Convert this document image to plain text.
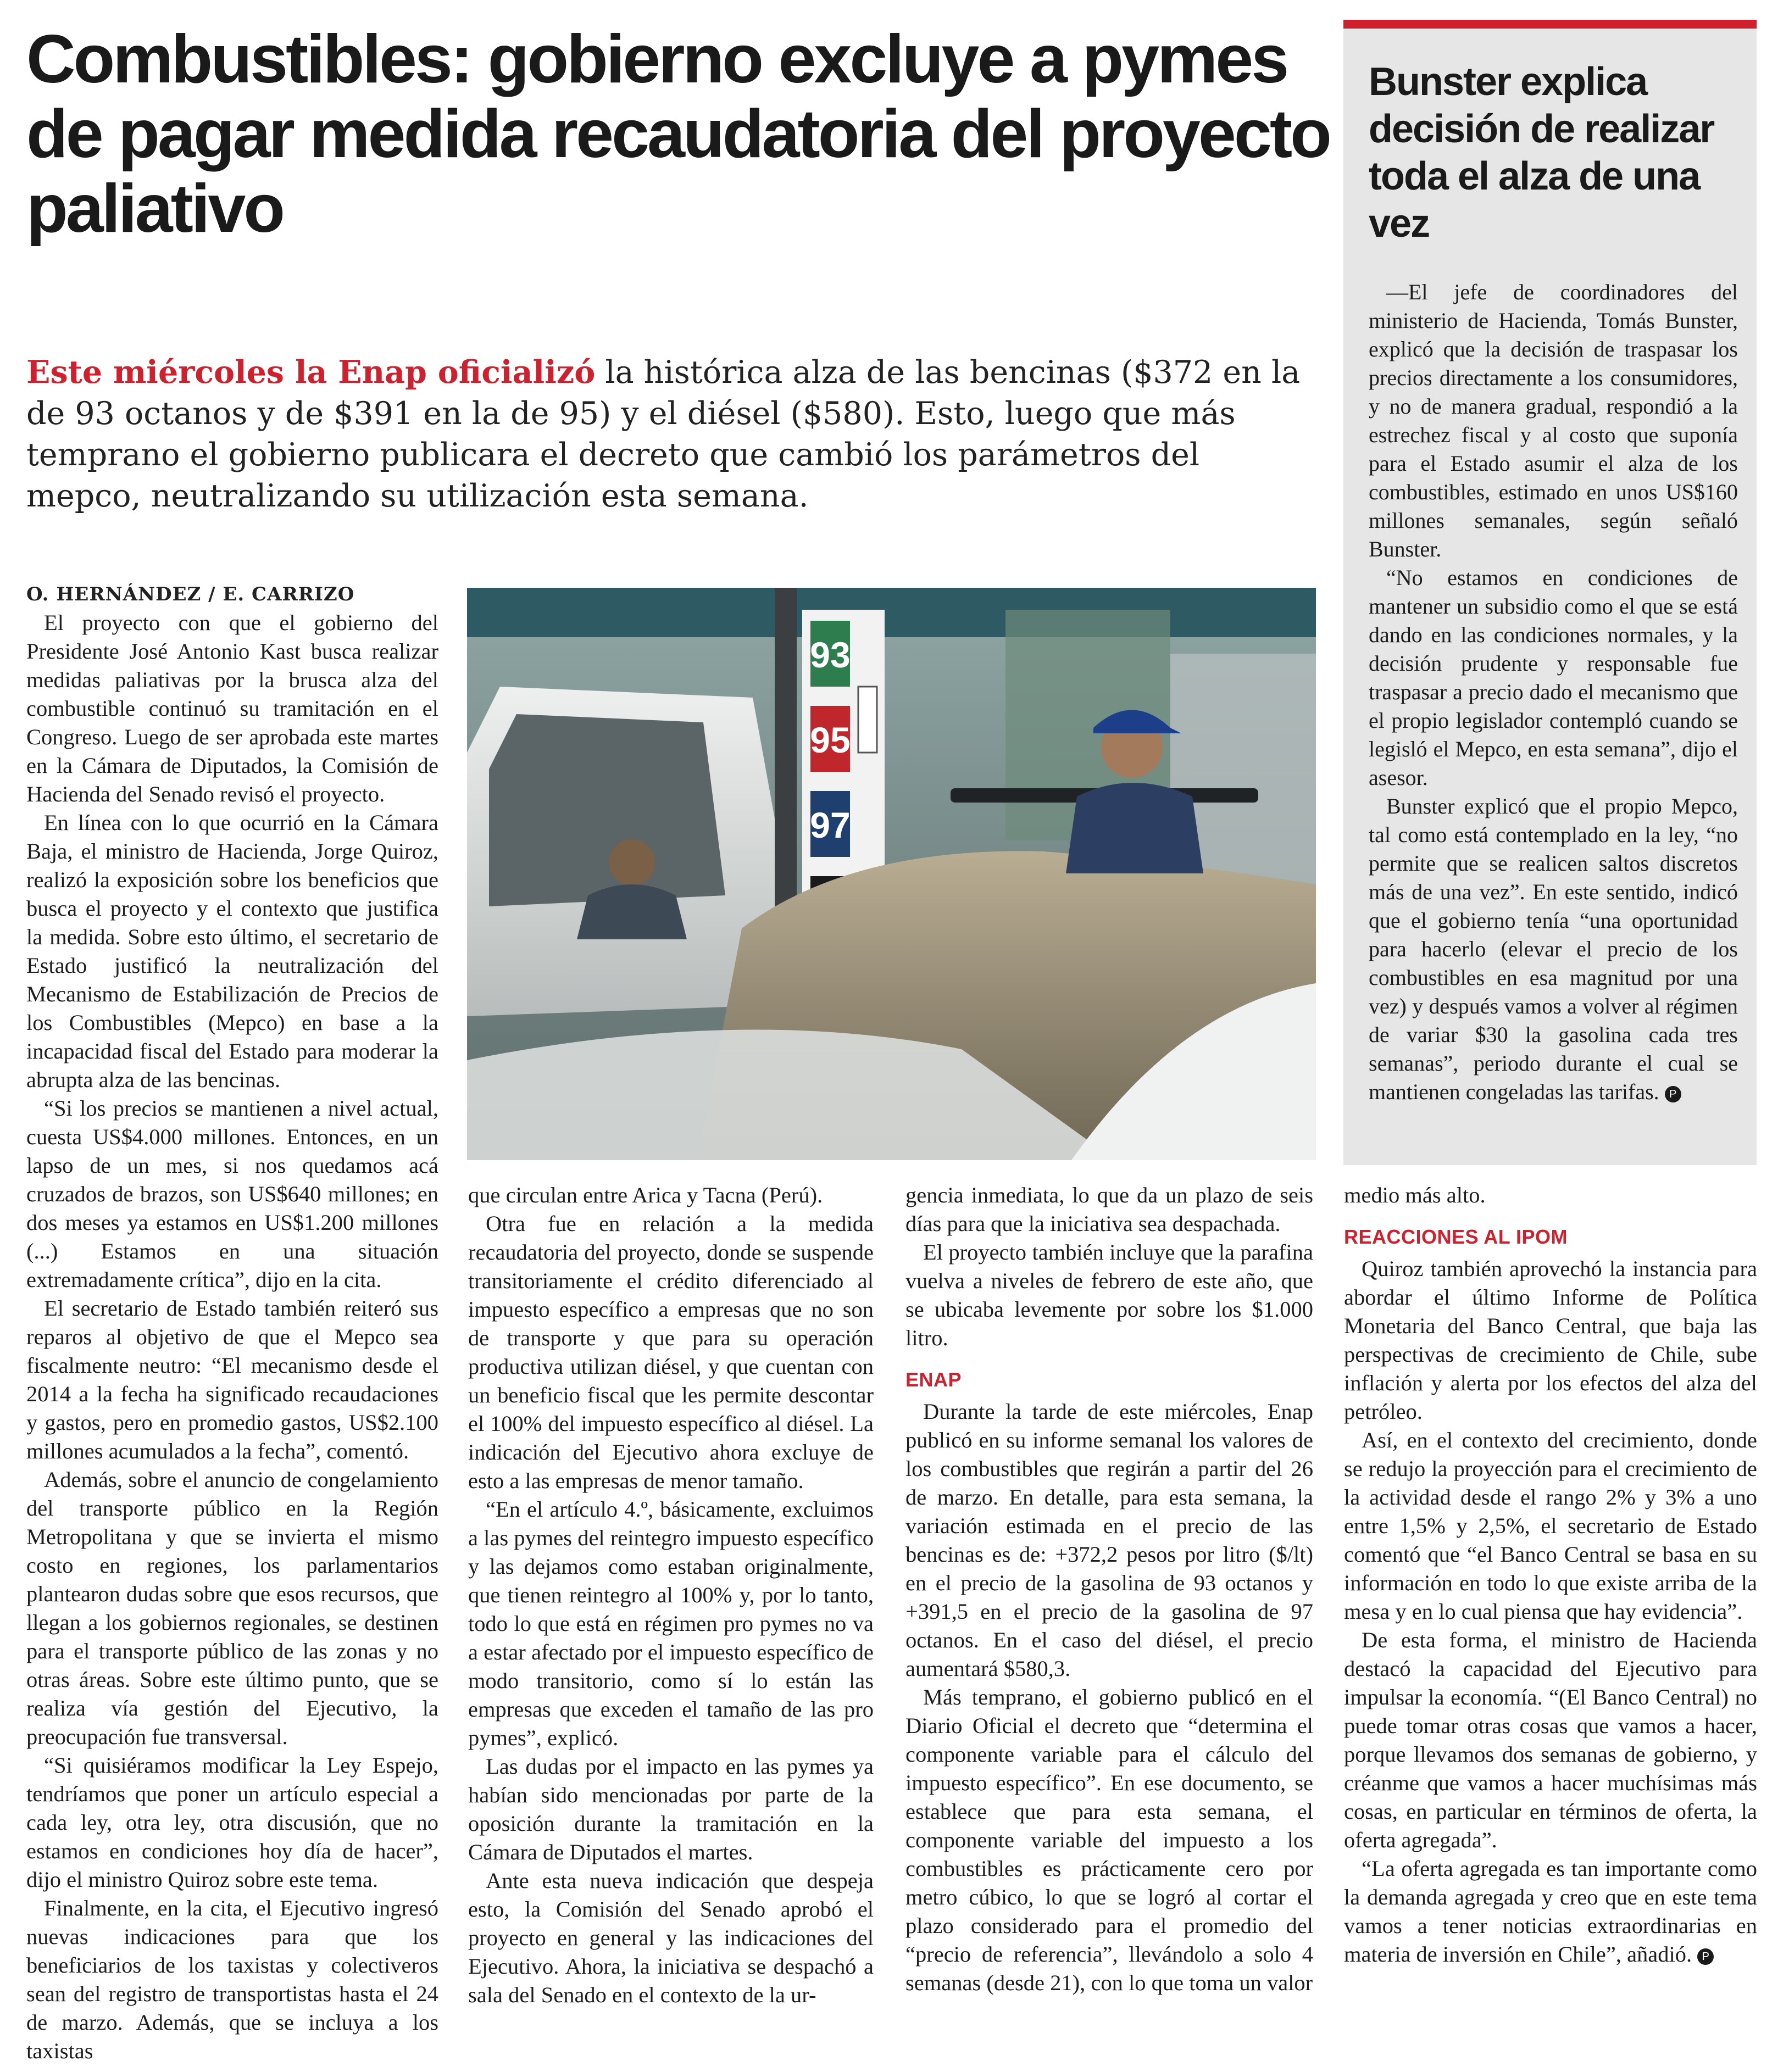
Combustibles: gobierno excluye a pymes de pagar medida recaudatoria del proyecto paliativo

Este miércoles la Enap oficializó la histórica alza de las bencinas ($372 en la de 93 octanos y de $391 en la de 95) y el diésel ($580). Esto, luego que más temprano el gobierno publicara el decreto que cambió los parámetros del mepco, neutralizando su utilización esta semana.

O. HERNÁNDEZ / E. CARRIZO

El proyecto con que el gobierno del Presidente José Antonio Kast busca realizar medidas paliativas por la brusca alza del combustible continuó su tramitación en el Congreso. Luego de ser aprobada este martes en la Cámara de Diputados, la Comisión de Hacienda del Senado revisó el proyecto.

En línea con lo que ocurrió en la Cámara Baja, el ministro de Hacienda, Jorge Quiroz, realizó la exposición sobre los beneficios que busca el proyecto y el contexto que justifica la medida. Sobre esto último, el secretario de Estado justificó la neutralización del Mecanismo de Estabilización de Precios de los Combustibles (Mepco) en base a la incapacidad fiscal del Estado para moderar la abrupta alza de las bencinas.

“Si los precios se mantienen a nivel actual, cuesta US$4.000 millones. Entonces, en un lapso de un mes, si nos quedamos acá cruzados de brazos, son US$640 millones; en dos meses ya estamos en US$1.200 millones (...) Estamos en una situación extremadamente crítica”, dijo en la cita.

El secretario de Estado también reiteró sus reparos al objetivo de que el Mepco sea fiscalmente neutro: “El mecanismo desde el 2014 a la fecha ha significado recaudaciones y gastos, pero en promedio gastos, US$2.100 millones acumulados a la fecha”, comentó.

Además, sobre el anuncio de congelamiento del transporte público en la Región Metropolitana y que se invierta el mismo costo en regiones, los parlamentarios plantearon dudas sobre que esos recursos, que llegan a los gobiernos regionales, se destinen para el transporte público de las zonas y no otras áreas. Sobre este último punto, que se realiza vía gestión del Ejecutivo, la preocupación fue transversal.

“Si quisiéramos modificar la Ley Espejo, tendríamos que poner un artículo especial a cada ley, otra ley, otra discusión, que no estamos en condiciones hoy día de hacer”, dijo el ministro Quiroz sobre este tema.

Finalmente, en la cita, el Ejecutivo ingresó nuevas indicaciones para que los beneficiarios de los taxistas y colectiveros sean del registro de transportistas hasta el 24 de marzo. Además, que se incluya a los taxistas

93
95
97

que circulan entre Arica y Tacna (Perú).

Otra fue en relación a la medida recaudatoria del proyecto, donde se suspende transitoriamente el crédito diferenciado al impuesto específico a empresas que no son de transporte y que para su operación productiva utilizan diésel, y que cuentan con un beneficio fiscal que les permite descontar el 100% del impuesto específico al diésel. La indicación del Ejecutivo ahora excluye de esto a las empresas de menor tamaño.

“En el artículo 4.º, básicamente, excluimos a las pymes del reintegro impuesto específico y las dejamos como estaban originalmente, que tienen reintegro al 100% y, por lo tanto, todo lo que está en régimen pro pymes no va a estar afectado por el impuesto específico de modo transitorio, como sí lo están las empresas que exceden el tamaño de las pro pymes”, explicó.

Las dudas por el impacto en las pymes ya habían sido mencionadas por parte de la oposición durante la tramitación en la Cámara de Diputados el martes.

Ante esta nueva indicación que despeja esto, la Comisión del Senado aprobó el proyecto en general y las indicaciones del Ejecutivo. Ahora, la iniciativa se despachó a sala del Senado en el contexto de la ur-

gencia inmediata, lo que da un plazo de seis días para que la iniciativa sea despachada.

El proyecto también incluye que la parafina vuelva a niveles de febrero de este año, que se ubicaba levemente por sobre los $1.000 litro.

ENAP

Durante la tarde de este miércoles, Enap publicó en su informe semanal los valores de los combustibles que regirán a partir del 26 de marzo. En detalle, para esta semana, la variación estimada en el precio de las bencinas es de: +372,2 pesos por litro ($/lt) en el precio de la gasolina de 93 octanos y +391,5 en el precio de la gasolina de 97 octanos. En el caso del diésel, el precio aumentará $580,3.

Más temprano, el gobierno publicó en el Diario Oficial el decreto que “determina el componente variable para el cálculo del impuesto específico”. En ese documento, se establece que para esta semana, el componente variable del impuesto a los combustibles es prácticamente cero por metro cúbico, lo que se logró al cortar el plazo considerado para el promedio del “precio de referencia”, llevándolo a solo 4 semanas (desde 21), con lo que toma un valor

medio más alto.

REACCIONES AL IPOM

Quiroz también aprovechó la instancia para abordar el último Informe de Política Monetaria del Banco Central, que baja las perspectivas de crecimiento de Chile, sube inflación y alerta por los efectos del alza del petróleo.

Así, en el contexto del crecimiento, donde se redujo la proyección para el crecimiento de la actividad desde el rango 2% y 3% a uno entre 1,5% y 2,5%, el secretario de Estado comentó que “el Banco Central se basa en su información en todo lo que existe arriba de la mesa y en lo cual piensa que hay evidencia”.

De esta forma, el ministro de Hacienda destacó la capacidad del Ejecutivo para impulsar la economía. “(El Banco Central) no puede tomar otras cosas que vamos a hacer, porque llevamos dos semanas de gobierno, y créanme que vamos a hacer muchísimas más cosas, en particular en términos de oferta, la oferta agregada”.

“La oferta agregada es tan importante como la demanda agregada y creo que en este tema vamos a tener noticias extraordinarias en materia de inversión en Chile”, añadió. P

Bunster explica decisión de realizar toda el alza de una vez

—El jefe de coordinadores del ministerio de Hacienda, Tomás Bunster, explicó que la decisión de traspasar los precios directamente a los consumidores, y no de manera gradual, respondió a la estrechez fiscal y al costo que suponía para el Estado asumir el alza de los combustibles, estimado en unos US$160 millones semanales, según señaló Bunster.

“No estamos en condiciones de mantener un subsidio como el que se está dando en las condiciones normales, y la decisión prudente y responsable fue traspasar a precio dado el mecanismo que el propio legislador contempló cuando se legisló el Mepco, en esta semana”, dijo el asesor.

Bunster explicó que el propio Mepco, tal como está contemplado en la ley, “no permite que se realicen saltos discretos más de una vez”. En este sentido, indicó que el gobierno tenía “una oportunidad para hacerlo (elevar el precio de los combustibles en esa magnitud por una vez) y después vamos a volver al régimen de variar $30 la gasolina cada tres semanas”, periodo durante el cual se mantienen congeladas las tarifas. P
